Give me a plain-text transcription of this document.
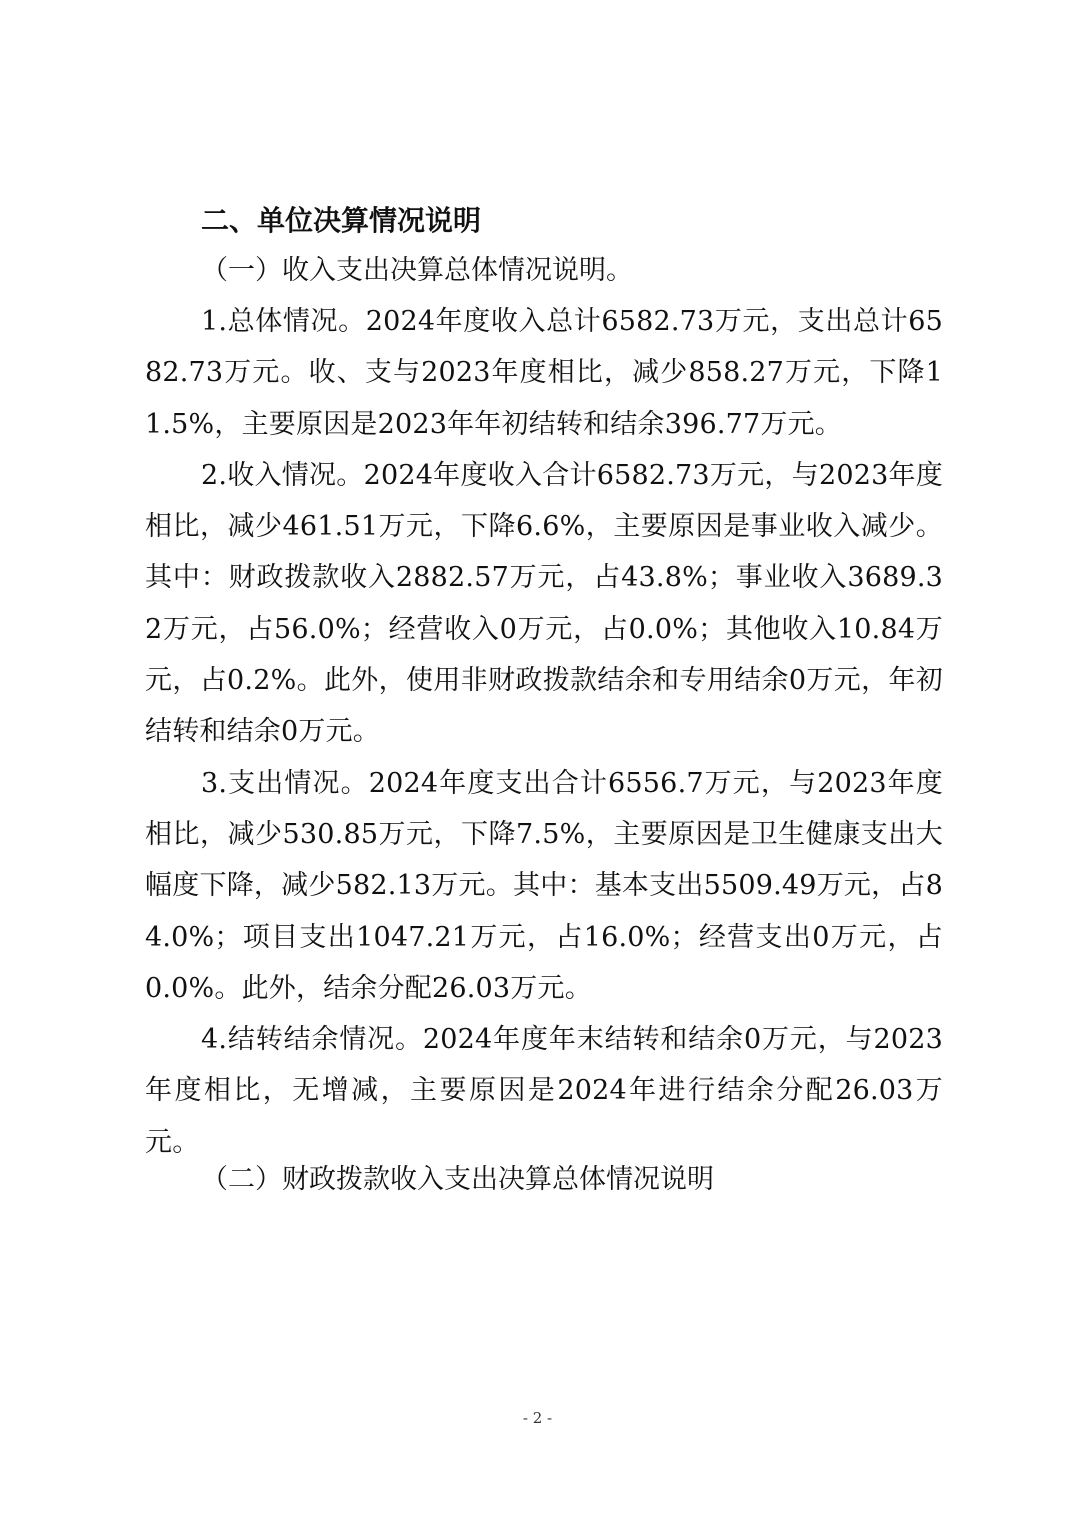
二、单位决算情况说明

（一）收入支出决算总体情况说明。

1.总体情况。2024年度收入总计6582.73万元，支出总计6582.73万元。收、支与2023年度相比，减少858.27万元，下降11.5%，主要原因是2023年年初结转和结余396.77万元。

2.收入情况。2024年度收入合计6582.73万元，与2023年度相比，减少461.51万元，下降6.6%，主要原因是事业收入减少。其中：财政拨款收入2882.57万元，占43.8%；事业收入3689.32万元，占56.0%；经营收入0万元，占0.0%；其他收入10.84万元，占0.2%。此外，使用非财政拨款结余和专用结余0万元，年初结转和结余0万元。

3.支出情况。2024年度支出合计6556.7万元，与2023年度相比，减少530.85万元，下降7.5%，主要原因是卫生健康支出大幅度下降，减少582.13万元。其中：基本支出5509.49万元，占84.0%；项目支出1047.21万元，占16.0%；经营支出0万元，占0.0%。此外，结余分配26.03万元。

4.结转结余情况。2024年度年末结转和结余0万元，与2023年度相比，无增减，主要原因是2024年进行结余分配26.03万元。

（二）财政拨款收入支出决算总体情况说明
- 2 -
